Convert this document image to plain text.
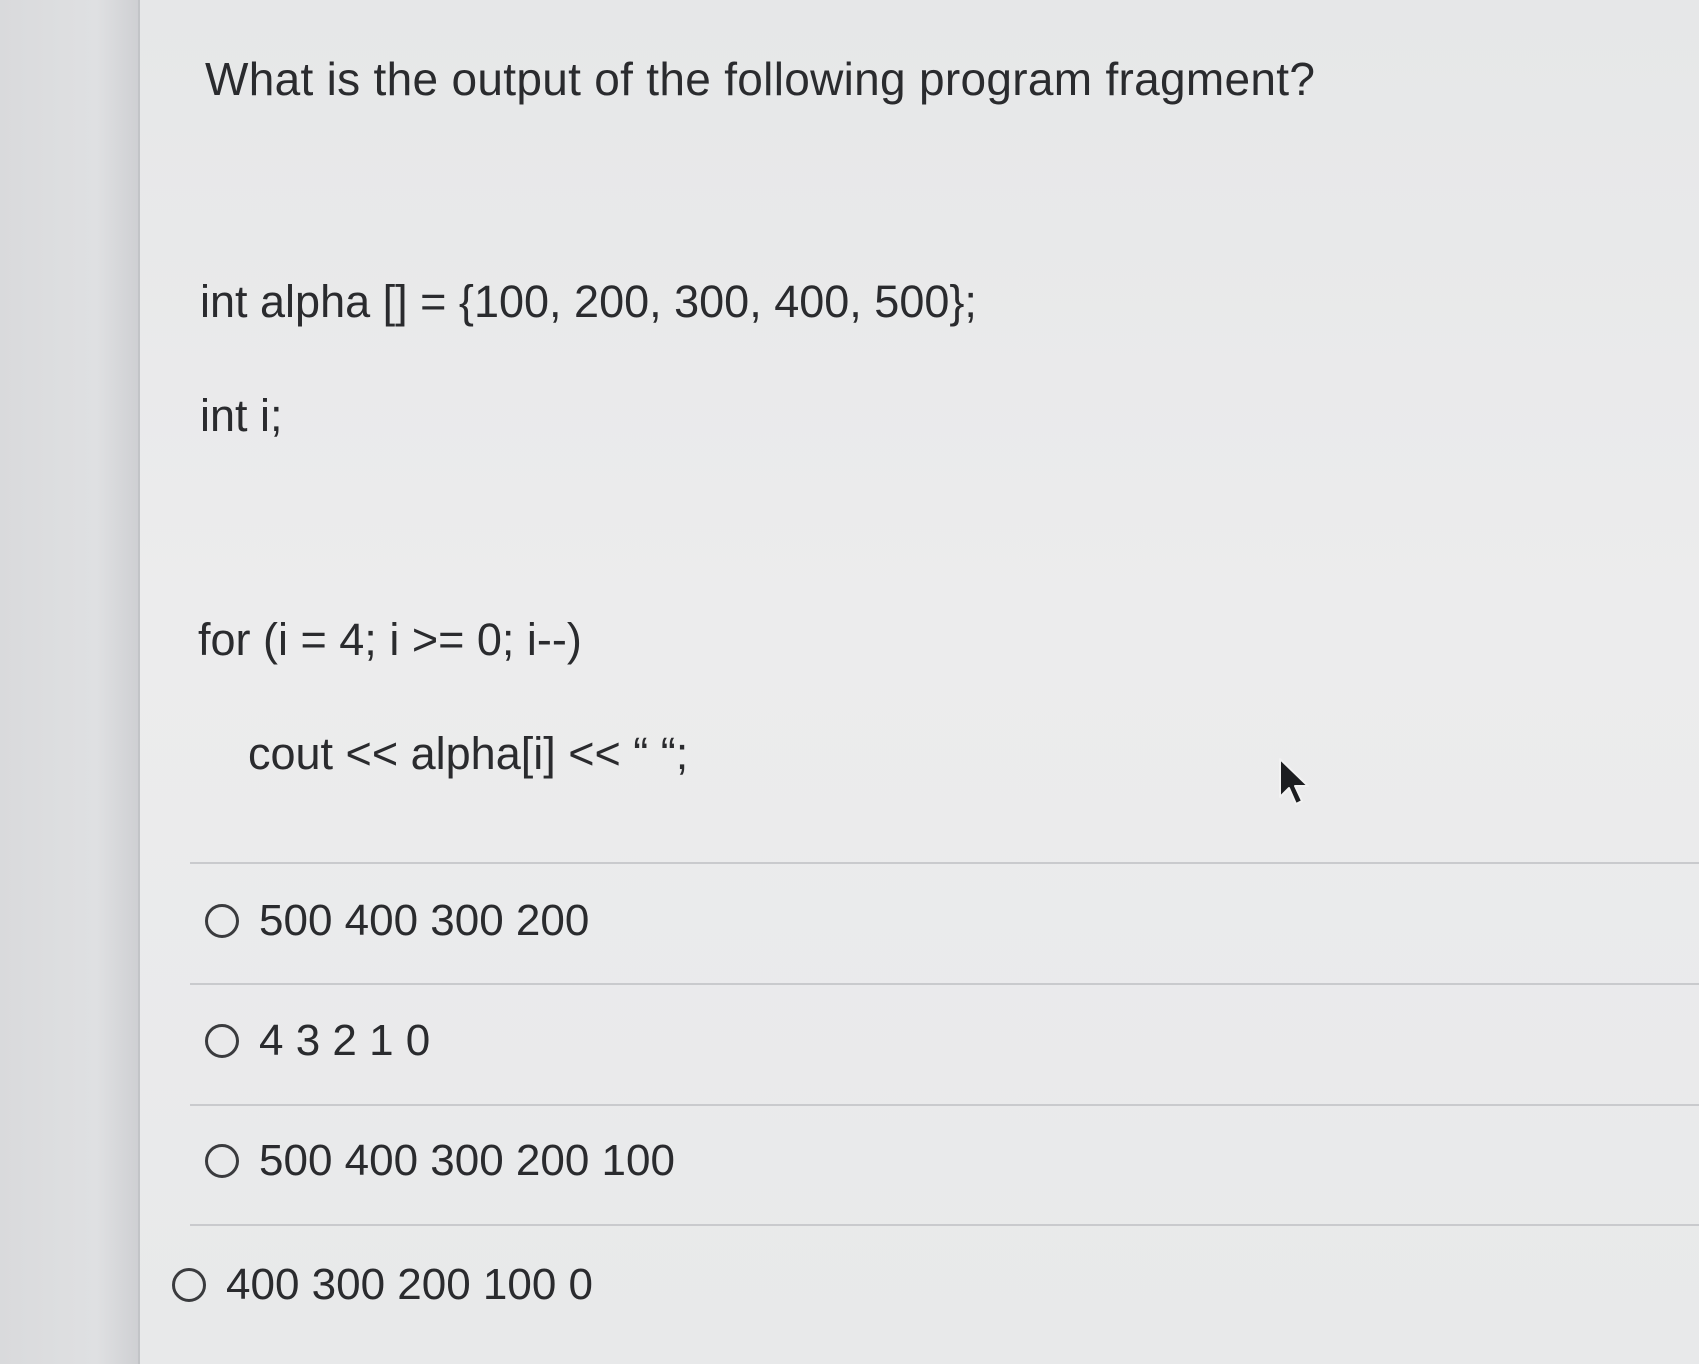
What is the output of the following program fragment?
int alpha [] = {100, 200, 300, 400, 500};
int i;
for (i = 4; i >= 0; i--)
cout << alpha[i] << “ “;
500 400 300 200
4 3 2 1 0
500 400 300 200 100
400 300 200 100 0
